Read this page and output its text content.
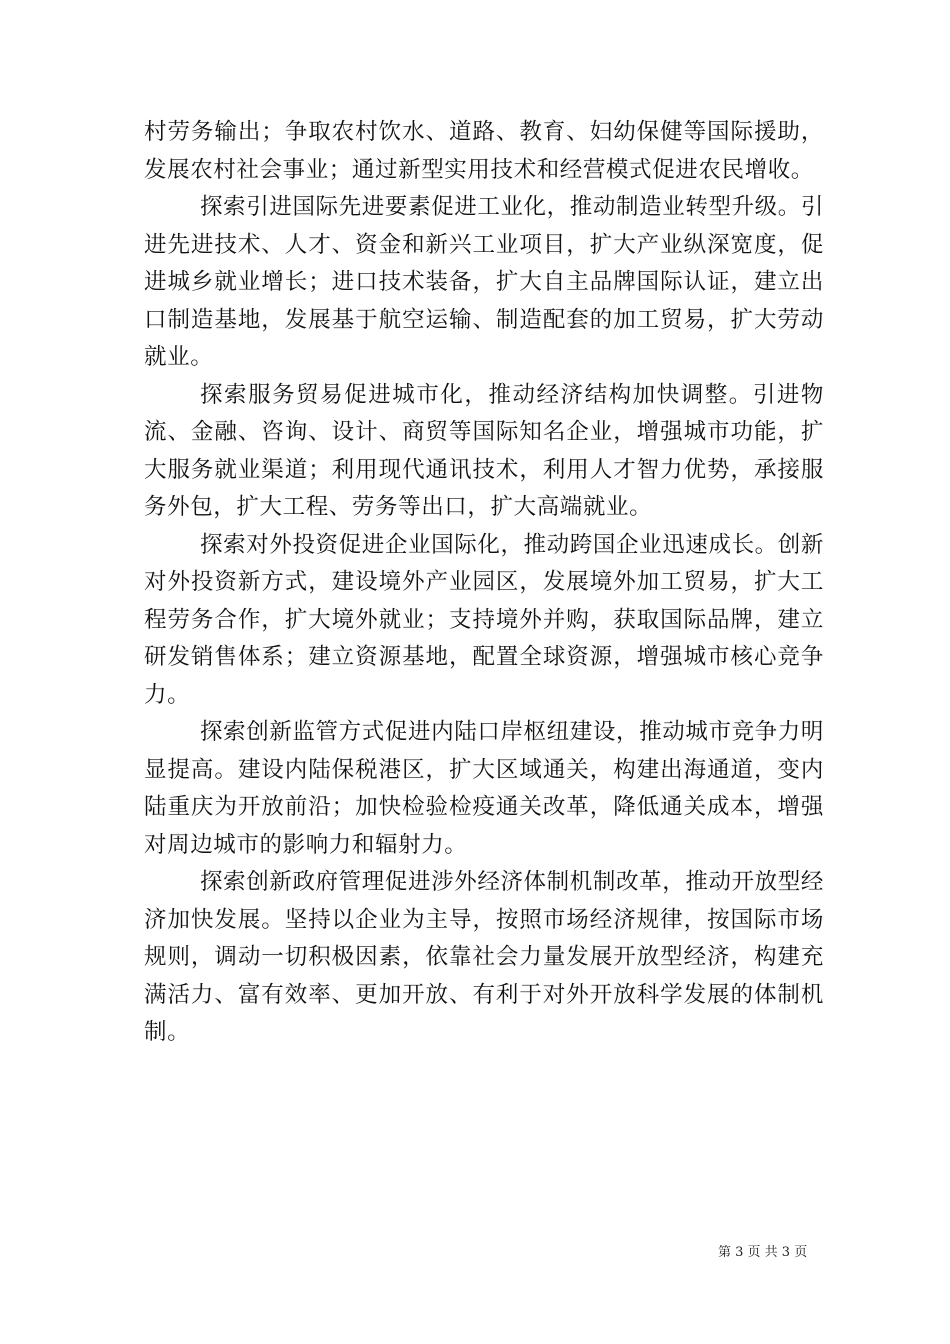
村劳务输出；争取农村饮水、道路、教育、妇幼保健等国际援助，发展农村社会事业；通过新型实用技术和经营模式促进农民增收。

探索引进国际先进要素促进工业化，推动制造业转型升级。引进先进技术、人才、资金和新兴工业项目，扩大产业纵深宽度，促进城乡就业增长；进口技术装备，扩大自主品牌国际认证，建立出口制造基地，发展基于航空运输、制造配套的加工贸易，扩大劳动就业。

探索服务贸易促进城市化，推动经济结构加快调整。引进物流、金融、咨询、设计、商贸等国际知名企业，增强城市功能，扩大服务就业渠道；利用现代通讯技术，利用人才智力优势，承接服务外包，扩大工程、劳务等出口，扩大高端就业。

探索对外投资促进企业国际化，推动跨国企业迅速成长。创新对外投资新方式，建设境外产业园区，发展境外加工贸易，扩大工程劳务合作，扩大境外就业；支持境外并购，获取国际品牌，建立研发销售体系；建立资源基地，配置全球资源，增强城市核心竞争力。

探索创新监管方式促进内陆口岸枢纽建设，推动城市竞争力明显提高。建设内陆保税港区，扩大区域通关，构建出海通道，变内陆重庆为开放前沿；加快检验检疫通关改革，降低通关成本，增强对周边城市的影响力和辐射力。

探索创新政府管理促进涉外经济体制机制改革，推动开放型经济加快发展。坚持以企业为主导，按照市场经济规律，按国际市场规则，调动一切积极因素，依靠社会力量发展开放型经济，构建充满活力、富有效率、更加开放、有利于对外开放科学发展的体制机制。

第 3 页 共 3 页
